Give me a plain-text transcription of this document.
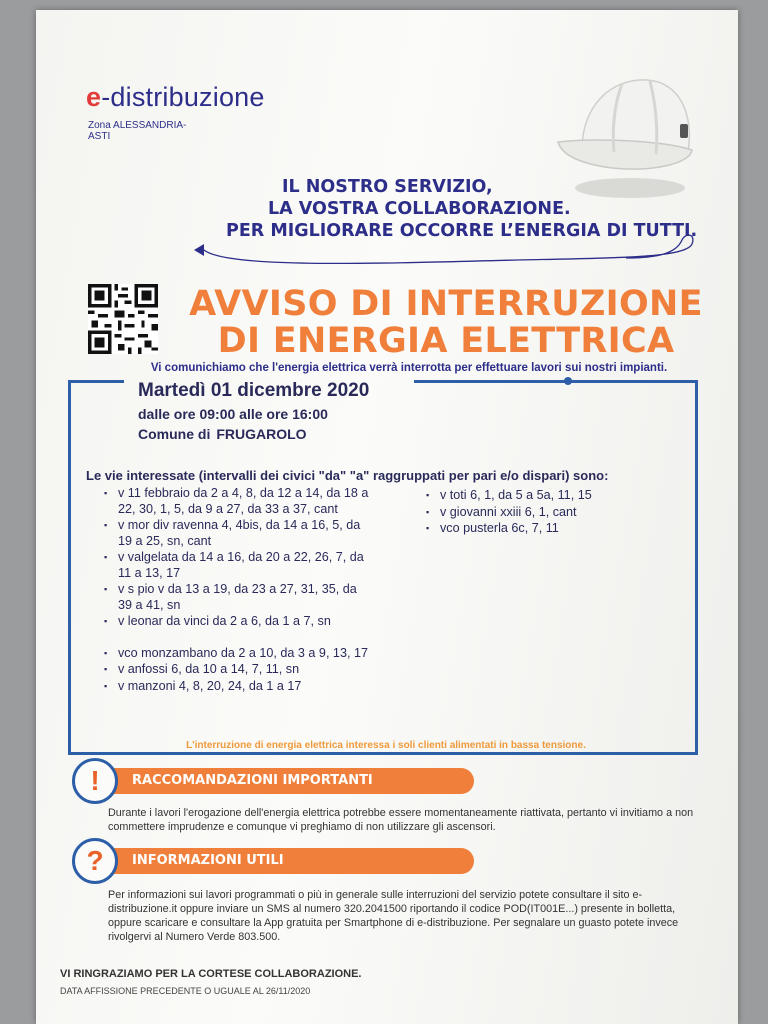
e-distribuzione
Zona ALESSANDRIA-ASTI
IL NOSTRO SERVIZIO,
LA VOSTRA COLLABORAZIONE.
PER MIGLIORARE OCCORRE L’ENERGIA DI TUTTI.
AVVISO DI INTERRUZIONE
DI ENERGIA ELETTRICA
Vi comunichiamo che l'energia elettrica verrà interrotta per effettuare lavori sui nostri impianti.
Martedì 01 dicembre 2020
dalle ore 09:00 alle ore 16:00
Comune di FRUGAROLO
Le vie interessate (intervalli dei civici "da" "a" raggruppati per pari e/o dispari) sono:
▪ v 11 febbraio da 2 a 4, 8, da 12 a 14, da 18 a 22, 30, 1, 5, da 9 a 27, da 33 a 37, cant
▪ v mor div ravenna 4, 4bis, da 14 a 16, 5, da 19 a 25, sn, cant
▪ v valgelata da 14 a 16, da 20 a 22, 26, 7, da 11 a 13, 17
▪ v s pio v da 13 a 19, da 23 a 27, 31, 35, da 39 a 41, sn
▪ v leonar da vinci da 2 a 6, da 1 a 7, sn
▪ vco monzambano da 2 a 10, da 3 a 9, 13, 17
▪ v anfossi 6, da 10 a 14, 7, 11, sn
▪ v manzoni 4, 8, 20, 24, da 1 a 17
▪ v toti 6, 1, da 5 a 5a, 11, 15
▪ v giovanni xxiii 6, 1, cant
▪ vco pusterla 6c, 7, 11
L'interruzione di energia elettrica interessa i soli clienti alimentati in bassa tensione.
RACCOMANDAZIONI IMPORTANTI
!
Durante i lavori l'erogazione dell'energia elettrica potrebbe essere momentaneamente riattivata, pertanto vi invitiamo a non commettere imprudenze e comunque vi preghiamo di non utilizzare gli ascensori.
INFORMAZIONI UTILI
?
Per informazioni sui lavori programmati o più in generale sulle interruzioni del servizio potete consultare il sito e-distribuzione.it oppure inviare un SMS al numero 320.2041500 riportando il codice POD(IT001E...) presente in bolletta, oppure scaricare e consultare la App gratuita per Smartphone di e-distribuzione. Per segnalare un guasto potete invece rivolgervi al Numero Verde 803.500.
VI RINGRAZIAMO PER LA CORTESE COLLABORAZIONE.
DATA AFFISSIONE PRECEDENTE O UGUALE AL 26/11/2020
